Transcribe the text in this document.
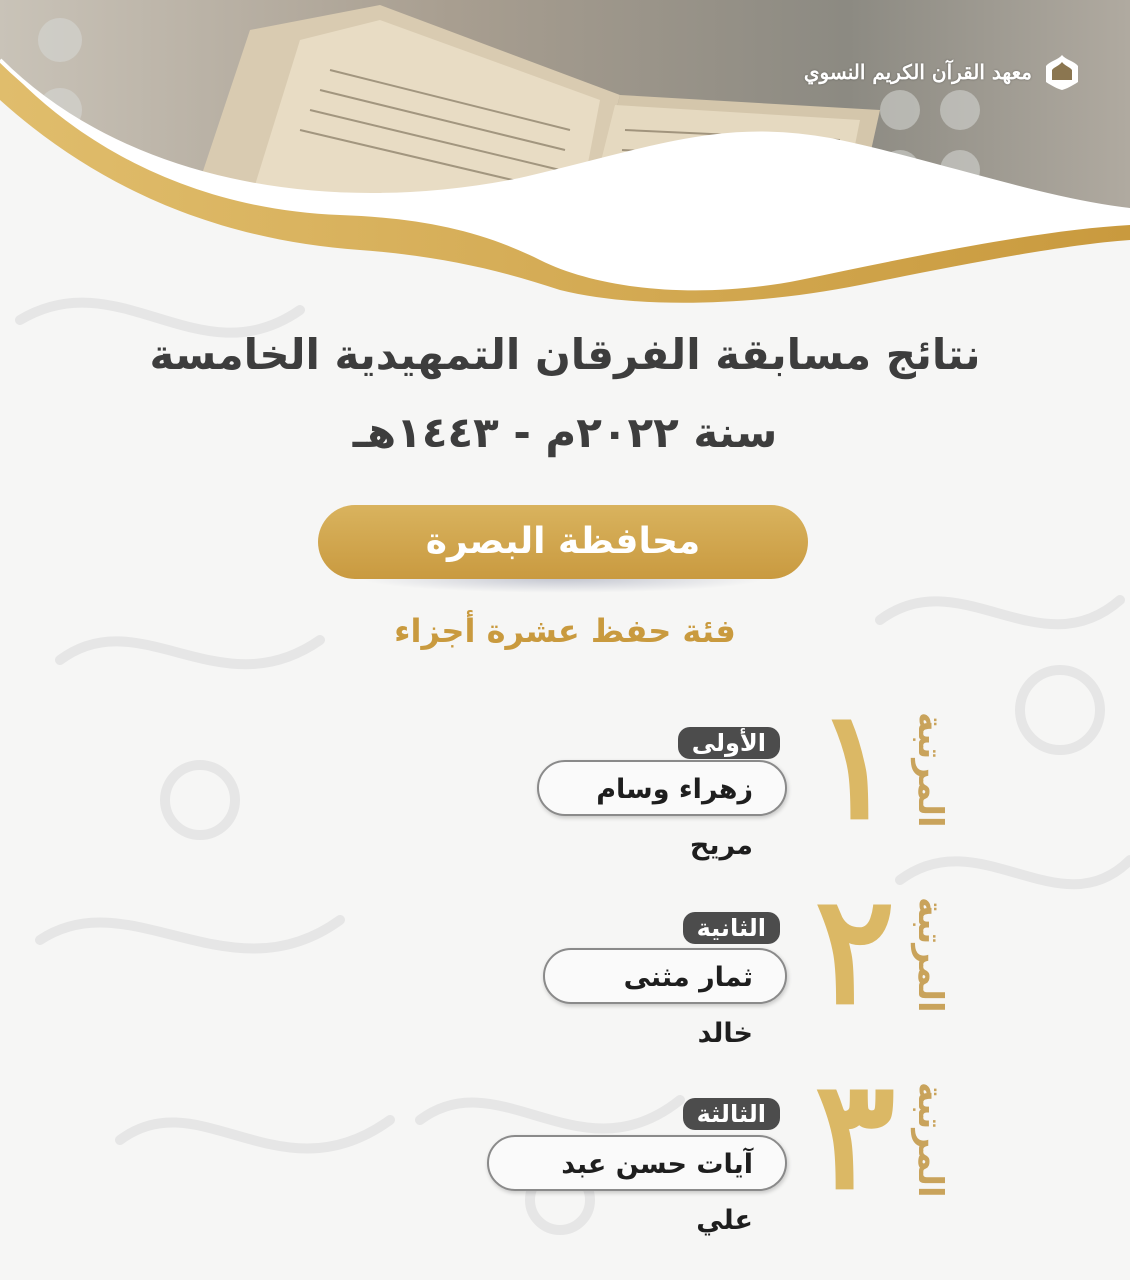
معهد القرآن الكريم النسوي
نتائج مسابقة الفرقان التمهيدية الخامسة
سنة ٢٠٢٢م - ١٤٤٣هـ
محافظة البصرة
فئة حفظ عشرة أجزاء
المرتبة
١
الأولى
زهراء وسام مريح
المرتبة
٢
الثانية
ثمار مثنى خالد
المرتبة
٣
الثالثة
آيات حسن عبد علي
